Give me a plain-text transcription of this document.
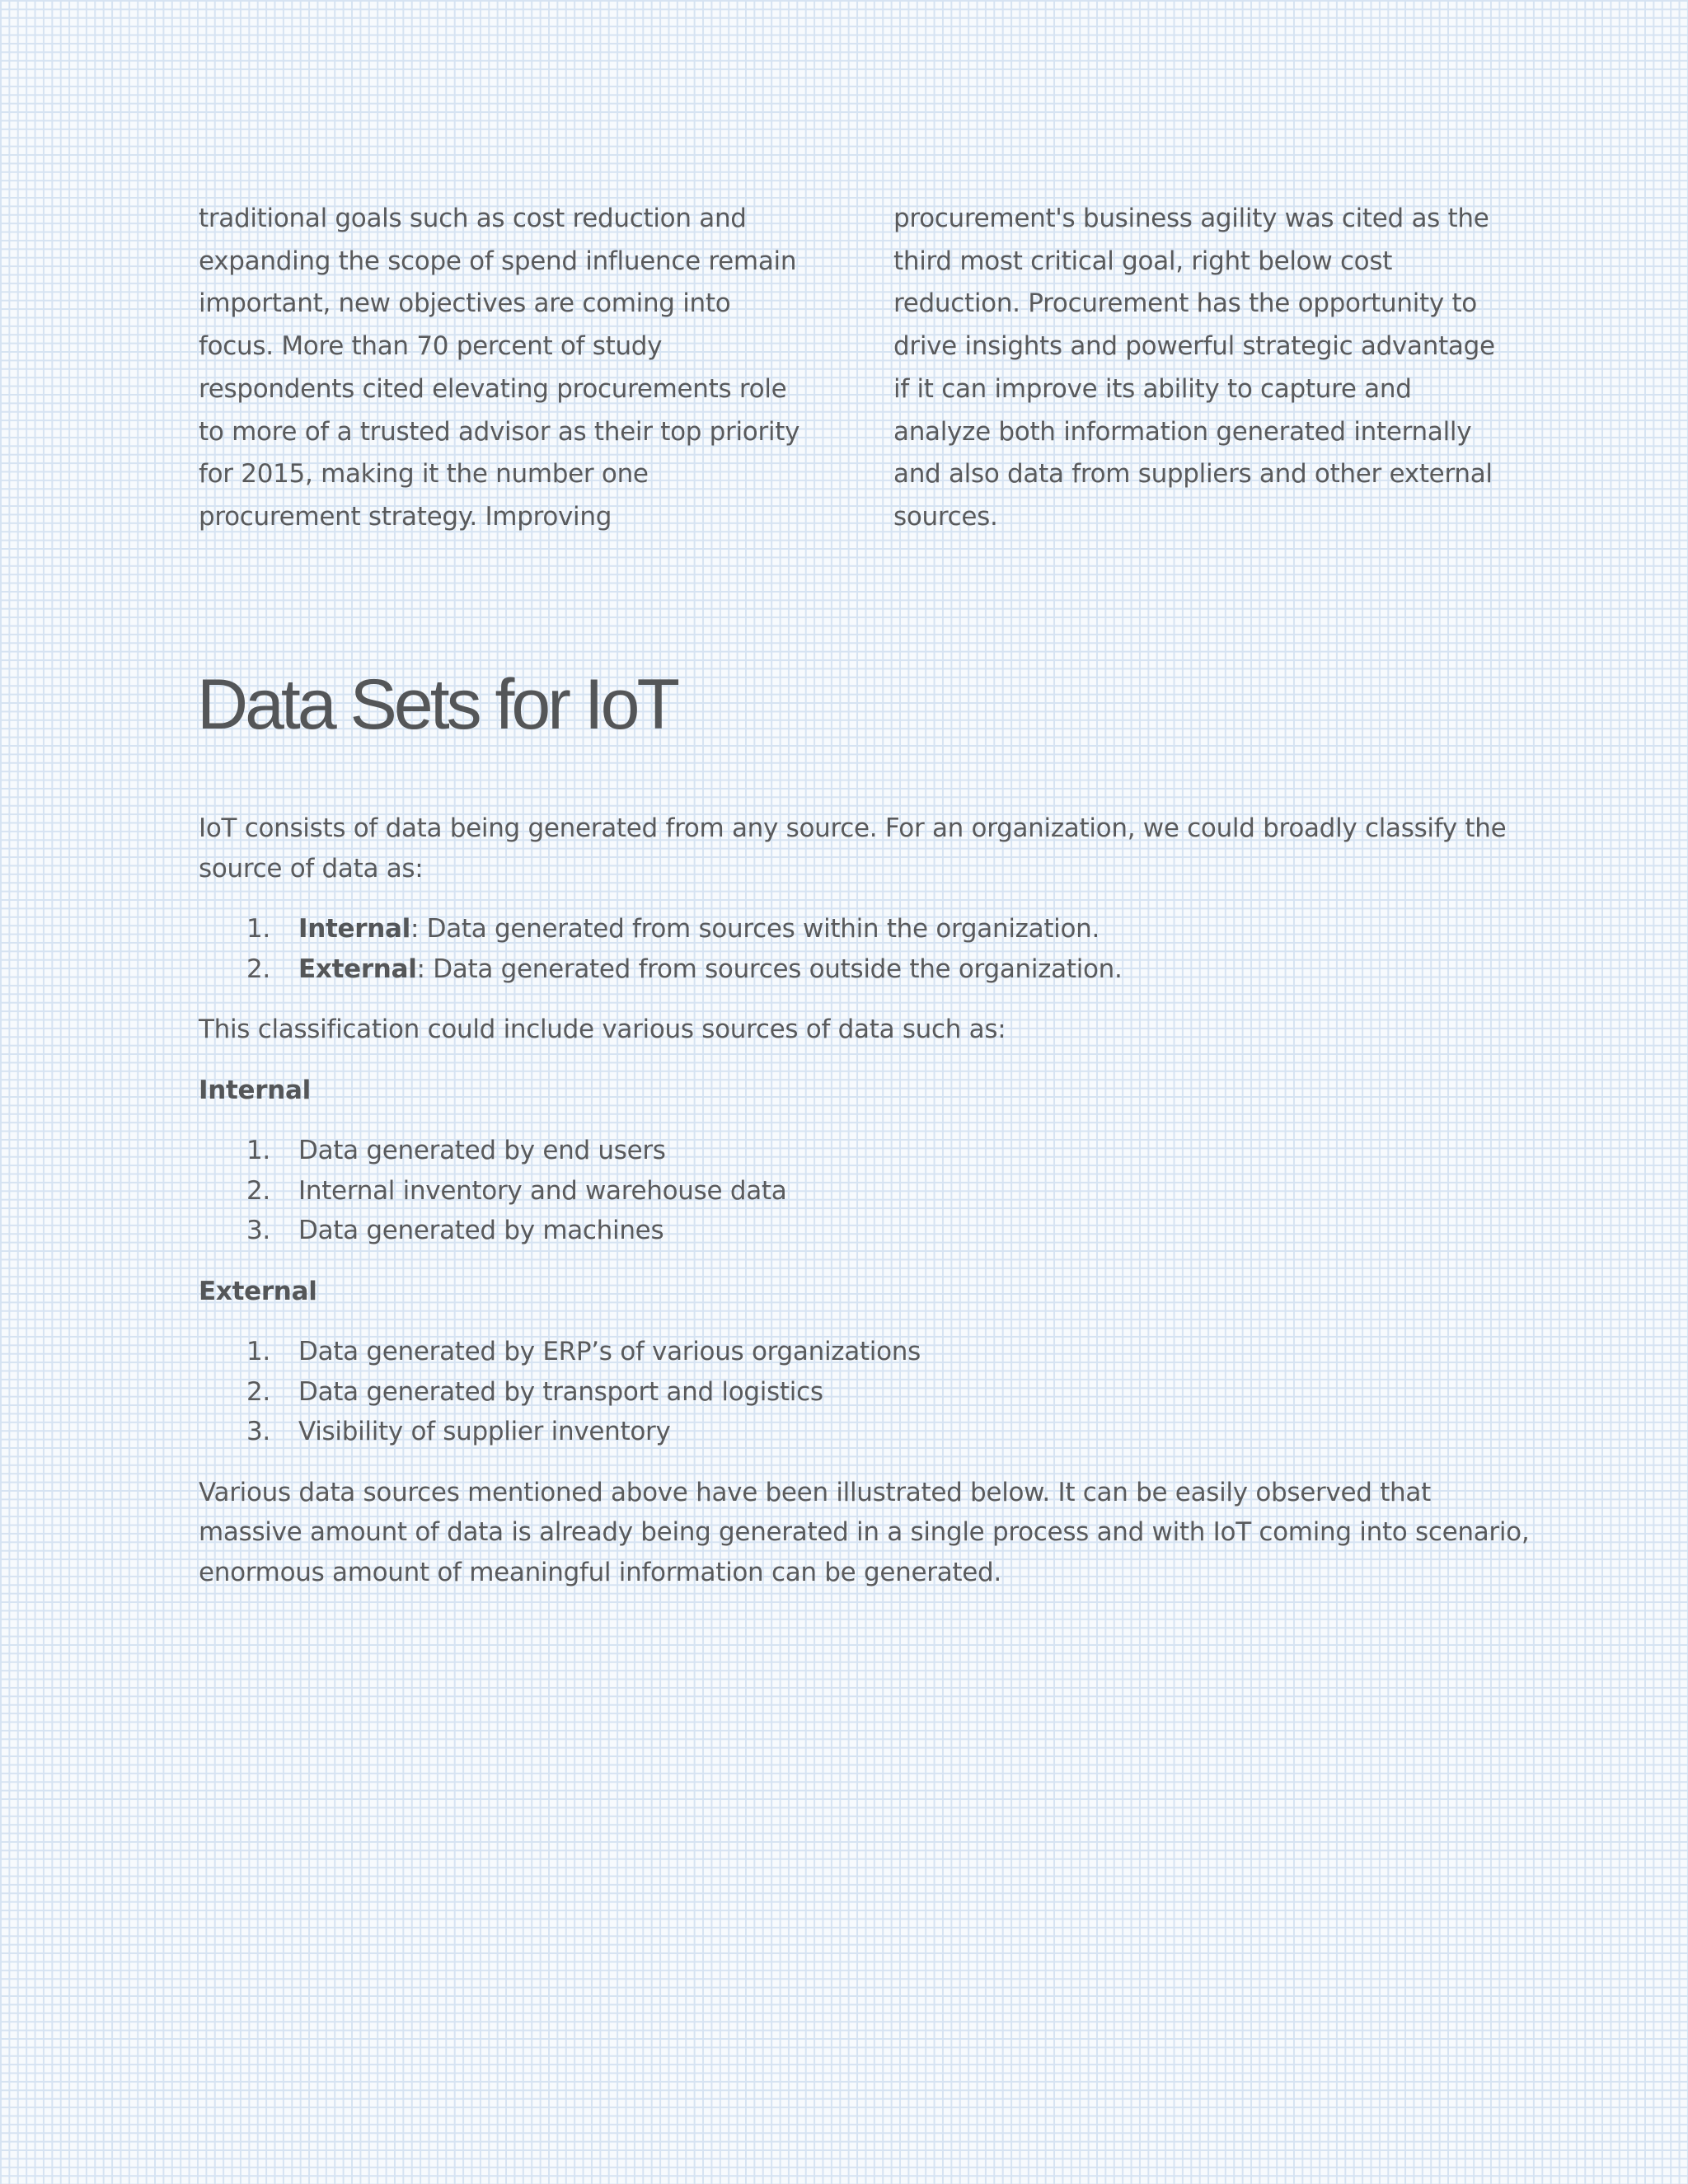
traditional goals such as cost reduction and
expanding the scope of spend influence remain
important, new objectives are coming into
focus. More than 70 percent of study
respondents cited elevating procurements role
to more of a trusted advisor as their top priority
for 2015, making it the number one
procurement strategy. Improving
procurement's business agility was cited as the
third most critical goal, right below cost
reduction. Procurement has the opportunity to
drive insights and powerful strategic advantage
if it can improve its ability to capture and
analyze both information generated internally
and also data from suppliers and other external
sources.
Data Sets for IoT

IoT consists of data being generated from any source. For an organization, we could broadly classify the
source of data as:

1.	Internal: Data generated from sources within the organization.
2.	External: Data generated from sources outside the organization.

This classification could include various sources of data such as:

Internal

1.	Data generated by end users
2.	Internal inventory and warehouse data
3.	Data generated by machines

External

1.	Data generated by ERP’s of various organizations
2.	Data generated by transport and logistics
3.	Visibility of supplier inventory

Various data sources mentioned above have been illustrated below. It can be easily observed that
massive amount of data is already being generated in a single process and with IoT coming into scenario,
enormous amount of meaningful information can be generated.
